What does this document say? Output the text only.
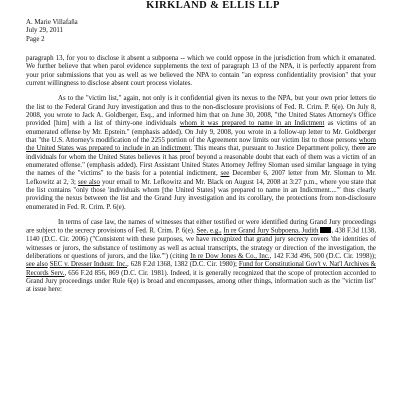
KIRKLAND & ELLIS LLP
A. Marie Villafaña
July 29, 2011
Page 2

paragraph 13, for you to disclose it absent a subpoena -- which we could oppose in the jurisdiction from which it emanated. We further believe that when parol evidence supplements the text of paragraph 13 of the NPA, it is perfectly apparent from your prior submissions that you as well as we believed the NPA to contain "an express confidentiality provision" that your current willingness to disclose absent court process violates.

As to the "victim list," again, not only is it confidential given its nexus to the NPA, but your own prior letters tie the list to the Federal Grand Jury investigation and thus to the non-disclosure provisions of Fed. R. Crim. P. 6(e). On July 8, 2008, you wrote to Jack A. Goldberger, Esq., and informed him that on June 30, 2008, "the United States Attorney's Office provided [him] with a list of thirty-one individuals whom it was prepared to name in an Indictment as victims of an enumerated offense by Mr. Epstein." (emphasis added). On July 9, 2008, you wrote in a follow-up letter to Mr. Goldberger that "the U.S. Attorney's modification of the 2255 portion of the Agreement now limits our victim list to those persons whom the United States was prepared to include in an indictment. This means that, pursuant to Justice Department policy, there are individuals for whom the United States believes it has proof beyond a reasonable doubt that each of them was a victim of an enumerated offense." (emphasis added). First Assistant United States Attorney Jeffrey Sloman used similar language in tying the names of the "victims" to the basis for a potential indictment, see December 6, 2007 letter from Mr. Sloman to Mr. Lefkowitz at 2, 3; see also your email to Mr. Lefkowitz and Mr. Black on August 14, 2008 at 3:27 p.m., where you state that the list contains "only those 'individuals whom [the United States] was prepared to name in an Indictment....'" thus clearly providing the nexus between the list and the Grand Jury investigation and its corollary, the protections from non-disclosure enumerated in Fed. R. Crim. P. 6(e).

In terms of case law, the names of witnesses that either testified or were identified during Grand Jury proceedings are subject to the secrecy provisions of Fed. R. Crim. P. 6(e). See, e.g., In re Grand Jury Subpoena, Judith , 438 F.3d 1138, 1140 (D.C. Cir. 2006) ("Consistent with these purposes, we have recognized that grand jury secrecy covers 'the identities of witnesses or jurors, the substance of testimony as well as actual transcripts, the strategy or direction of the investigation, the deliberations or questions of jurors, and the like.'") (citing In re Dow Jones & Co., Inc., 142 F.3d 496, 500 (D.C. Cir. 1998)); see also SEC v. Dresser Industr. Inc., 628 F.2d 1368, 1382 (D.C. Cir. 1980); Fund for Constitutional Gov't v. Nat'l Archives & Records Serv., 656 F.2d 856, 869 (D.C. Cir. 1981). Indeed, it is generally recognized that the scope of protection accorded to Grand Jury proceedings under Rule 6(e) is broad and encompasses, among other things, information such as the "victim list" at issue here:
